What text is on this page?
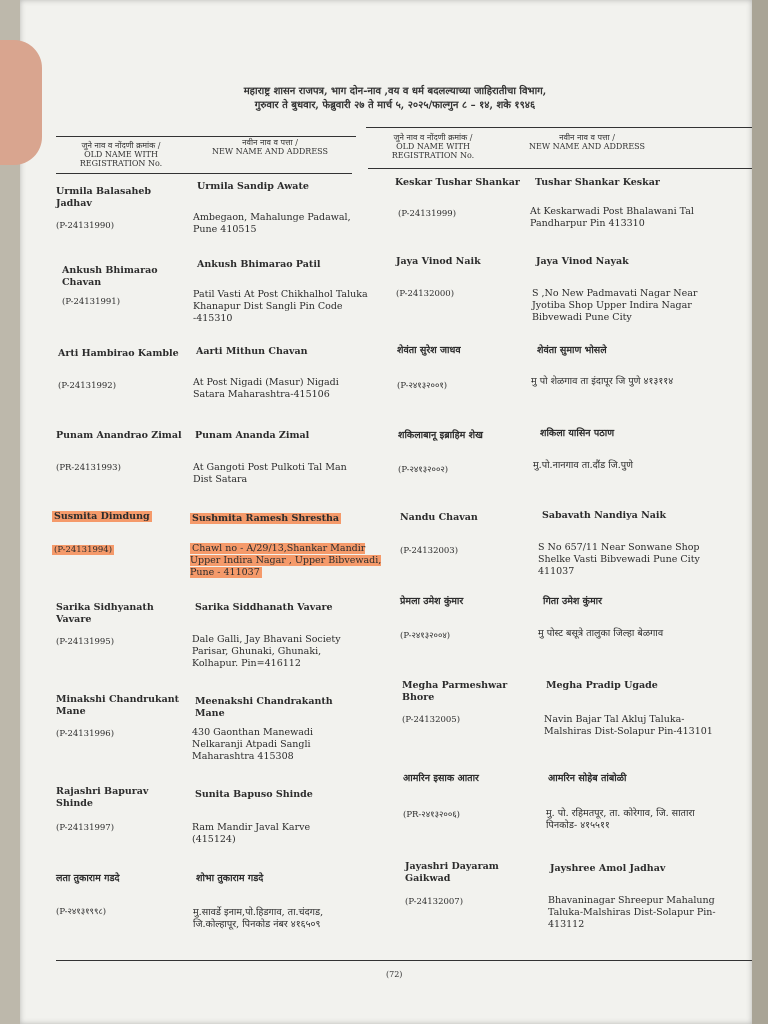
महाराष्ट्र शासन राजपत्र, भाग दोन-नाव ,वय व धर्म बदलल्याच्या जाहिरातीचा विभाग,
गुरुवार ते बुधवार, फेब्रुवारी २७ ते मार्च ५, २०२५/फाल्गुन ८ – १४, शके १९४६
जुने नाव व नोंदणी क्रमांक /
OLD NAME WITH REGISTRATION No.
नवीन नाव व पत्ता /
NEW NAME AND ADDRESS
जुने नाव व नोंदणी क्रमांक /
OLD NAME WITH REGISTRATION No.
नवीन नाव व पत्ता /
NEW NAME AND ADDRESS
Urmila Balasaheb Jadhav
(P-24131990)
Urmila Sandip Awate
Ambegaon, Mahalunge Padawal, Pune 410515
Ankush Bhimarao Chavan
(P-24131991)
Ankush Bhimarao Patil
Patil Vasti At Post Chikhalhol Taluka Khanapur Dist Sangli Pin Code -415310
Arti Hambirao Kamble
(P-24131992)
Aarti Mithun Chavan
At Post Nigadi (Masur) Nigadi Satara Maharashtra-415106
Punam Anandrao Zimal
(PR-24131993)
Punam Ananda Zimal
At Gangoti Post Pulkoti Tal Man Dist Satara
Susmita Dimdung
(P-24131994)
Sushmita Ramesh Shrestha
Chawl no - A/29/13,Shankar Mandir Upper Indira Nagar , Upper Bibvewadi, Pune - 411037
Sarika Sidhyanath Vavare
(P-24131995)
Sarika Siddhanath Vavare
Dale Galli, Jay Bhavani Society Parisar, Ghunaki, Ghunaki, Kolhapur. Pin=416112
Minakshi Chandrukant Mane
(P-24131996)
Meenakshi Chandrakanth Mane
430 Gaonthan Manewadi Nelkaranji Atpadi Sangli Maharashtra 415308
Rajashri Bapurav Shinde
(P-24131997)
Sunita Bapuso Shinde
Ram Mandir Javal Karve (415124)
लता तुकाराम गडदे
(P-२४१३१९९८)
शोभा तुकाराम गडदे
मु.सावर्डे इनाम,पो.हिडगाव, ता.चंदगड, जि.कोल्हापूर, पिनकोड नंबर ४१६५०९
Keskar Tushar Shankar
(P-24131999)
Tushar Shankar Keskar
At Keskarwadi Post Bhalawani Tal Pandharpur Pin 413310
Jaya Vinod Naik
(P-24132000)
Jaya Vinod Nayak
S ,No New Padmavati Nagar Near Jyotiba Shop Upper Indira Nagar Bibvewadi Pune City
शेवंता सुरेश जाधव
(P-२४१३२००१)
शेवंता सुमाण भोसले
मु पो शेळगाव ता इंदापूर जि पुणे ४१३११४
शकिलाबानू इब्राहिम शेख
(P-२४१३२००२)
शकिला यासिन पठाण
मु.पो.नानगाव ता.दौंड जि.पुणे
Nandu Chavan
(P-24132003)
Sabavath Nandiya Naik
S No 657/11 Near Sonwane Shop Shelke Vasti Bibvewadi Pune City 411037
प्रेमला उमेश कुंमार
(P-२४१३२००४)
गिता उमेश कुंमार
मु पोस्ट बसूत्रे तालुका जिल्हा बेळगाव
Megha Parmeshwar Bhore
(P-24132005)
Megha Pradip Ugade
Navin Bajar Tal Akluj Taluka-Malshiras Dist-Solapur Pin-413101
आमरिन इसाक आतार
(PR-२४१३२००६)
आमरिन सोहेब तांबोळी
मु. पो. रहिमतपूर, ता. कोरेगाव, जि. सातारा पिनकोड- ४१५५११
Jayashri Dayaram Gaikwad
(P-24132007)
Jayshree Amol Jadhav
Bhavaninagar Shreepur Mahalung Taluka-Malshiras Dist-Solapur Pin-413112
(72)
